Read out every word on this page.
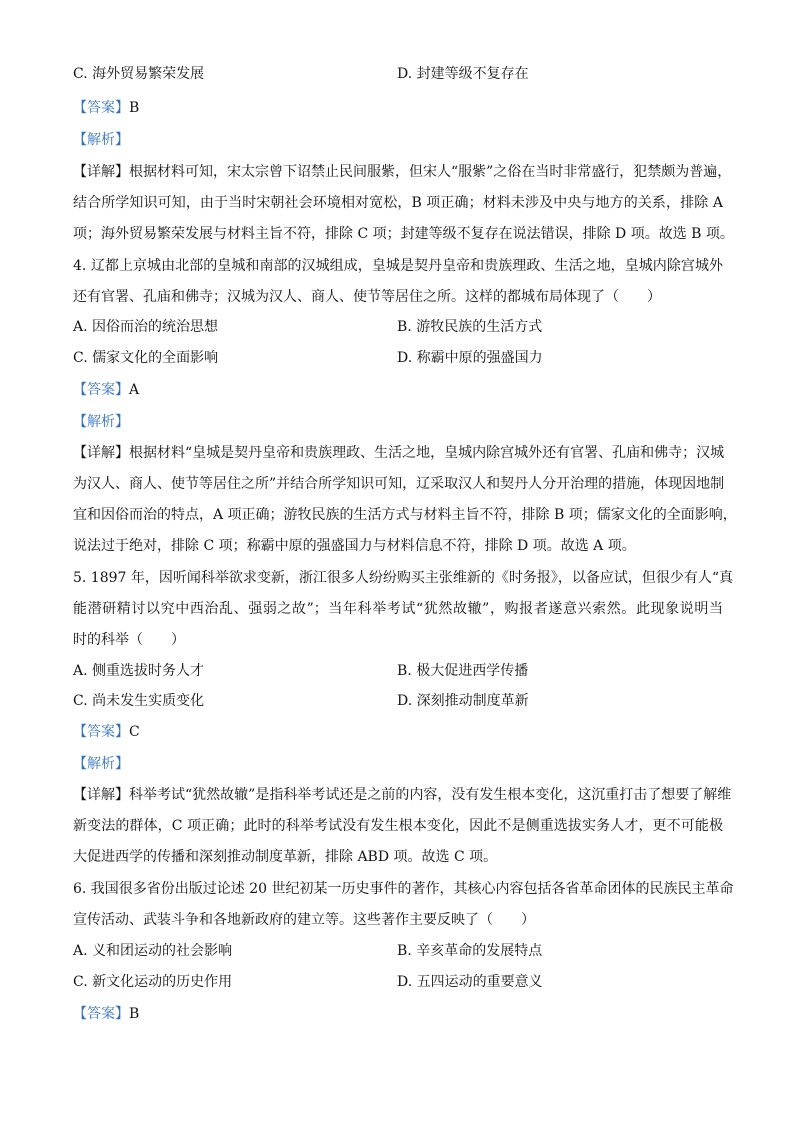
C. 海外贸易繁荣发展	D. 封建等级不复存在
【答案】B
【解析】
【详解】根据材料可知，宋太宗曾下诏禁止民间服紫，但宋人“服紫”之俗在当时非常盛行，犯禁颇为普遍，
结合所学知识可知，由于当时宋朝社会环境相对宽松，B 项正确；材料未涉及中央与地方的关系，排除 A
项；海外贸易繁荣发展与材料主旨不符，排除 C 项；封建等级不复存在说法错误，排除 D 项。故选 B 项。
4. 辽都上京城由北部的皇城和南部的汉城组成，皇城是契丹皇帝和贵族理政、生活之地，皇城内除宫城外
还有官署、孔庙和佛寺；汉城为汉人、商人、使节等居住之所。这样的都城布局体现了（　　）
A. 因俗而治的统治思想	B. 游牧民族的生活方式
C. 儒家文化的全面影响	D. 称霸中原的强盛国力
【答案】A
【解析】
【详解】根据材料“皇城是契丹皇帝和贵族理政、生活之地，皇城内除宫城外还有官署、孔庙和佛寺；汉城
为汉人、商人、使节等居住之所”并结合所学知识可知，辽采取汉人和契丹人分开治理的措施，体现因地制
宜和因俗而治的特点，A 项正确；游牧民族的生活方式与材料主旨不符，排除 B 项；儒家文化的全面影响，
说法过于绝对，排除 C 项；称霸中原的强盛国力与材料信息不符，排除 D 项。故选 A 项。
5. 1897 年，因听闻科举欲求变新，浙江很多人纷纷购买主张维新的《时务报》，以备应试，但很少有人“真
能潜研精讨以究中西治乱、强弱之故”；当年科举考试“犹然故辙”，购报者遂意兴索然。此现象说明当
时的科举（　　）
A. 侧重选拔时务人才	B. 极大促进西学传播
C. 尚未发生实质变化	D. 深刻推动制度革新
【答案】C
【解析】
【详解】科举考试“犹然故辙”是指科举考试还是之前的内容，没有发生根本变化，这沉重打击了想要了解维
新变法的群体，C 项正确；此时的科举考试没有发生根本变化，因此不是侧重选拔实务人才，更不可能极
大促进西学的传播和深刻推动制度革新，排除 ABD 项。故选 C 项。
6. 我国很多省份出版过论述 20 世纪初某一历史事件的著作，其核心内容包括各省革命团体的民族民主革命
宣传活动、武装斗争和各地新政府的建立等。这些著作主要反映了（　　）
A. 义和团运动的社会影响	B. 辛亥革命的发展特点
C. 新文化运动的历史作用	D. 五四运动的重要意义
【答案】B
